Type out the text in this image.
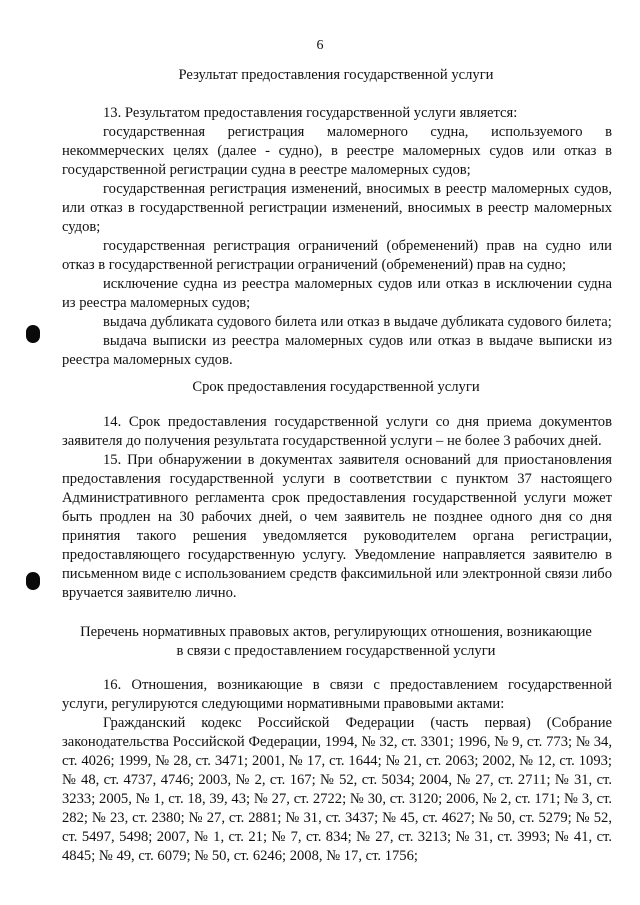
6
Результат предоставления государственной услуги

13. Результатом предоставления государственной услуги является:

государственная регистрация маломерного судна, используемого в некоммерческих целях (далее - судно), в реестре маломерных судов или отказ в государственной регистрации судна в реестре маломерных судов;

государственная регистрация изменений, вносимых в реестр маломерных судов, или отказ в государственной регистрации изменений, вносимых в реестр маломерных судов;

государственная регистрация ограничений (обременений) прав на судно или отказ в государственной регистрации ограничений (обременений) прав на судно;

исключение судна из реестра маломерных судов или отказ в исключении судна из реестра маломерных судов;

выдача дубликата судового билета или отказ в выдаче дубликата судового билета;

выдача выписки из реестра маломерных судов или отказ в выдаче выписки из реестра маломерных судов.

Срок предоставления государственной услуги

14. Срок предоставления государственной услуги со дня приема документов заявителя до получения результата государственной услуги – не более 3 рабочих дней.

15. При обнаружении в документах заявителя оснований для приостановления предоставления государственной услуги в соответствии с пунктом 37 настоящего Административного регламента срок предоставления государственной услуги может быть продлен на 30 рабочих дней, о чем заявитель не позднее одного дня со дня принятия такого решения уведомляется руководителем органа регистрации, предоставляющего государственную услугу. Уведомление направляется заявителю в письменном виде с использованием средств факсимильной или электронной связи либо вручается заявителю лично.

Перечень нормативных правовых актов, регулирующих отношения, возникающие
в связи с предоставлением государственной услуги

16. Отношения, возникающие в связи с предоставлением государственной услуги, регулируются следующими нормативными правовыми актами:

Гражданский кодекс Российской Федерации (часть первая) (Собрание законодательства Российской Федерации, 1994, № 32, ст. 3301; 1996, № 9, ст. 773; № 34, ст. 4026; 1999, № 28, ст. 3471; 2001, № 17, ст. 1644; № 21, ст. 2063; 2002, № 12, ст. 1093; № 48, ст. 4737, 4746; 2003, № 2, ст. 167; № 52, ст. 5034; 2004, № 27, ст. 2711; № 31, ст. 3233; 2005, № 1, ст. 18, 39, 43; № 27, ст. 2722; № 30, ст. 3120; 2006, № 2, ст. 171; № 3, ст. 282; № 23, ст. 2380; № 27, ст. 2881; № 31, ст. 3437; № 45, ст. 4627; № 50, ст. 5279; № 52, ст. 5497, 5498; 2007, № 1, ст. 21; № 7, ст. 834; № 27, ст. 3213; № 31, ст. 3993; № 41, ст. 4845; № 49, ст. 6079; № 50, ст. 6246; 2008, № 17, ст. 1756;
